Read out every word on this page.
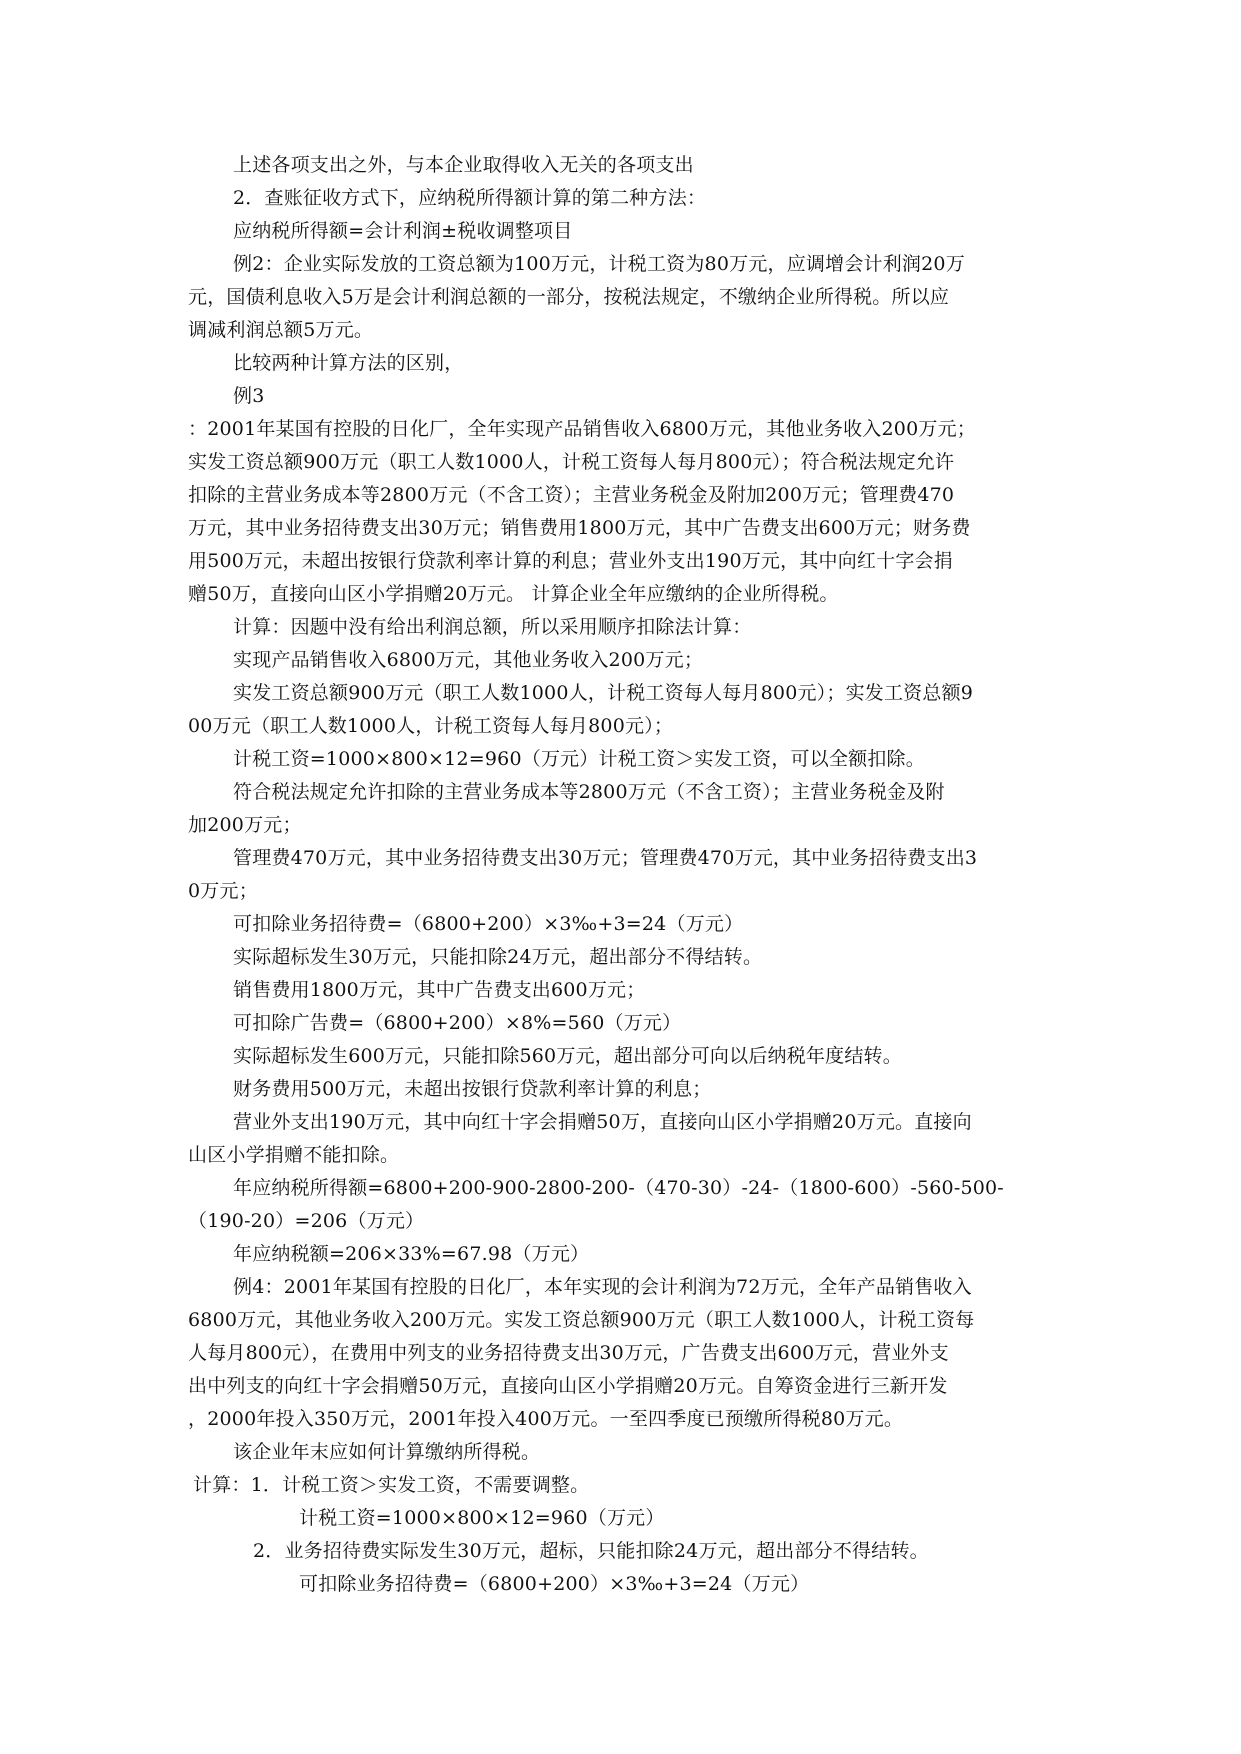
上述各项支出之外，与本企业取得收入无关的各项支出
2．查账征收方式下，应纳税所得额计算的第二种方法：
应纳税所得额=会计利润±税收调整项目
例2：企业实际发放的工资总额为100万元，计税工资为80万元，应调增会计利润20万
元，国债利息收入5万是会计利润总额的一部分，按税法规定，不缴纳企业所得税。所以应
调减利润总额5万元。
比较两种计算方法的区别，
例3
：2001年某国有控股的日化厂，全年实现产品销售收入6800万元，其他业务收入200万元；
实发工资总额900万元（职工人数1000人，计税工资每人每月800元）；符合税法规定允许
扣除的主营业务成本等2800万元（不含工资）；主营业务税金及附加200万元；管理费470
万元，其中业务招待费支出30万元；销售费用1800万元，其中广告费支出600万元；财务费
用500万元，未超出按银行贷款利率计算的利息；营业外支出190万元，其中向红十字会捐
赠50万，直接向山区小学捐赠20万元。 计算企业全年应缴纳的企业所得税。
计算：因题中没有给出利润总额，所以采用顺序扣除法计算：
实现产品销售收入6800万元，其他业务收入200万元；
实发工资总额900万元（职工人数1000人，计税工资每人每月800元）；实发工资总额9
00万元（职工人数1000人，计税工资每人每月800元）；
计税工资=1000×800×12=960（万元）计税工资＞实发工资，可以全额扣除。
符合税法规定允许扣除的主营业务成本等2800万元（不含工资）；主营业务税金及附
加200万元；
管理费470万元，其中业务招待费支出30万元；管理费470万元，其中业务招待费支出3
0万元；
可扣除业务招待费=（6800+200）×3‰+3=24（万元）
实际超标发生30万元，只能扣除24万元，超出部分不得结转。
销售费用1800万元，其中广告费支出600万元；
可扣除广告费=（6800+200）×8%=560（万元）
实际超标发生600万元，只能扣除560万元，超出部分可向以后纳税年度结转。
财务费用500万元，未超出按银行贷款利率计算的利息；
营业外支出190万元，其中向红十字会捐赠50万，直接向山区小学捐赠20万元。直接向
山区小学捐赠不能扣除。
年应纳税所得额=6800+200-900-2800-200-（470-30）-24-（1800-600）-560-500-
（190-20）=206（万元）
年应纳税额=206×33%=67.98（万元）
例4：2001年某国有控股的日化厂，本年实现的会计利润为72万元，全年产品销售收入
6800万元，其他业务收入200万元。实发工资总额900万元（职工人数1000人，计税工资每
人每月800元），在费用中列支的业务招待费支出30万元，广告费支出600万元，营业外支
出中列支的向红十字会捐赠50万元，直接向山区小学捐赠20万元。自筹资金进行三新开发
，2000年投入350万元，2001年投入400万元。一至四季度已预缴所得税80万元。
该企业年末应如何计算缴纳所得税。
计算：1．计税工资＞实发工资，不需要调整。
计税工资=1000×800×12=960（万元）
2．业务招待费实际发生30万元，超标，只能扣除24万元，超出部分不得结转。
可扣除业务招待费=（6800+200）×3‰+3=24（万元）
